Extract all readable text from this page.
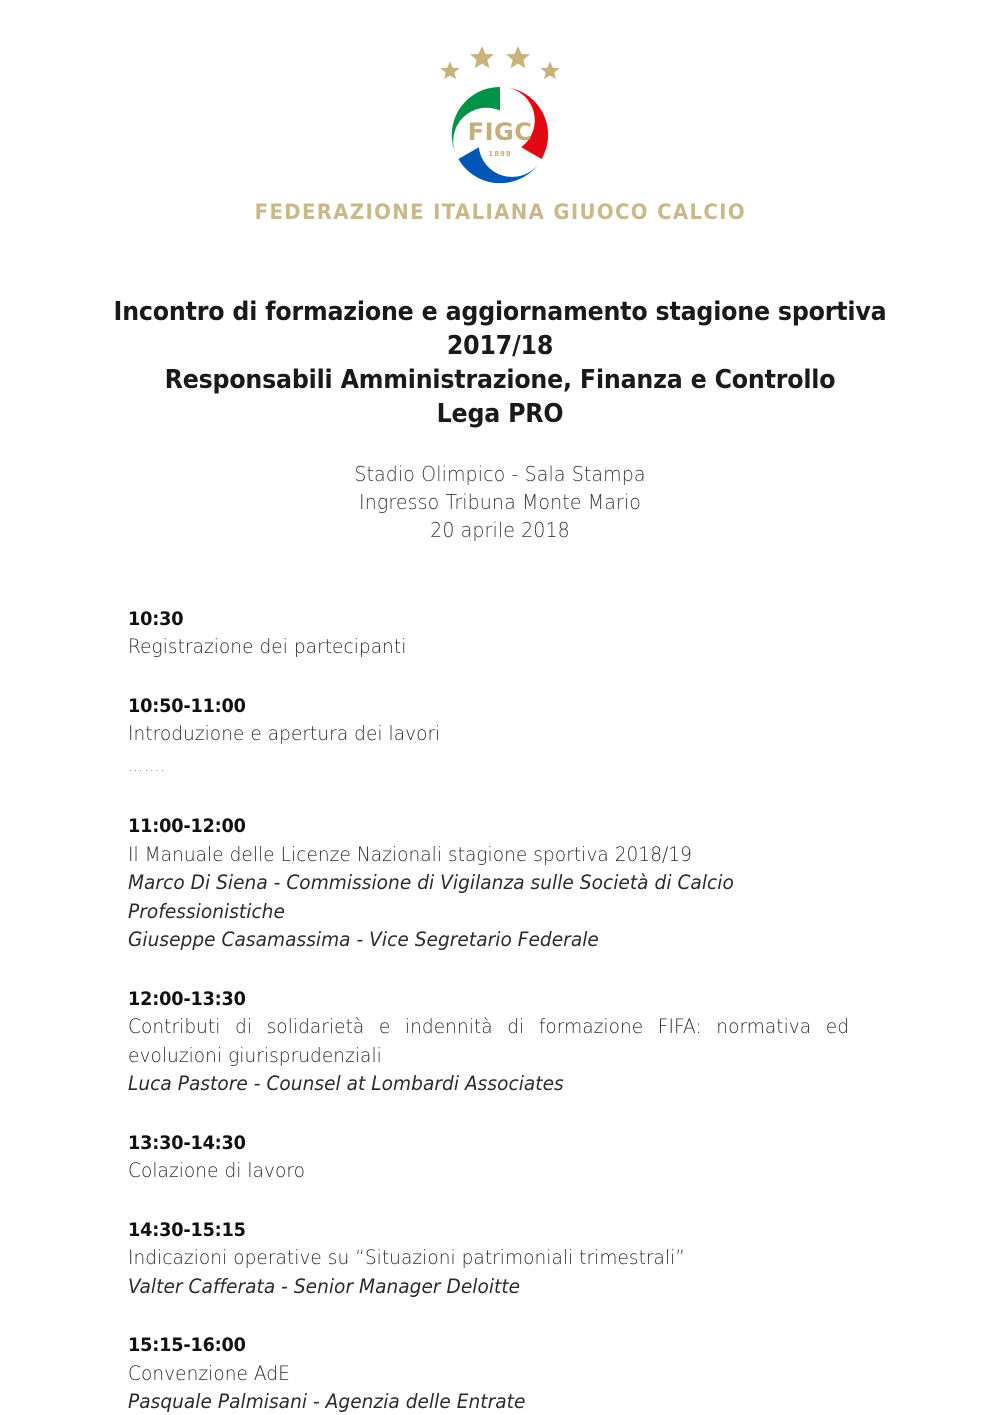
FIGC
1898
FEDERAZIONE ITALIANA GIUOCO CALCIO
Incontro di formazione e aggiornamento stagione sportiva 2017/18
Responsabili Amministrazione, Finanza e Controllo
Lega PRO
Stadio Olimpico - Sala Stampa
Ingresso Tribuna Monte Mario
20 aprile 2018
10:30
Registrazione dei partecipanti
10:50-11:00
Introduzione e apertura dei lavori
…….
11:00-12:00
Il Manuale delle Licenze Nazionali stagione sportiva 2018/19
Marco Di Siena - Commissione di Vigilanza sulle Società di Calcio Professionistiche
Giuseppe Casamassima - Vice Segretario Federale
12:00-13:30
Contributi di solidarietà e indennità di formazione FIFA: normativa ed evoluzioni giurisprudenziali
Luca Pastore - Counsel at Lombardi Associates
13:30-14:30
Colazione di lavoro
14:30-15:15
Indicazioni operative su “Situazioni patrimoniali trimestrali”
Valter Cafferata - Senior Manager Deloitte
15:15-16:00
Convenzione AdE
Pasquale Palmisani - Agenzia delle Entrate
